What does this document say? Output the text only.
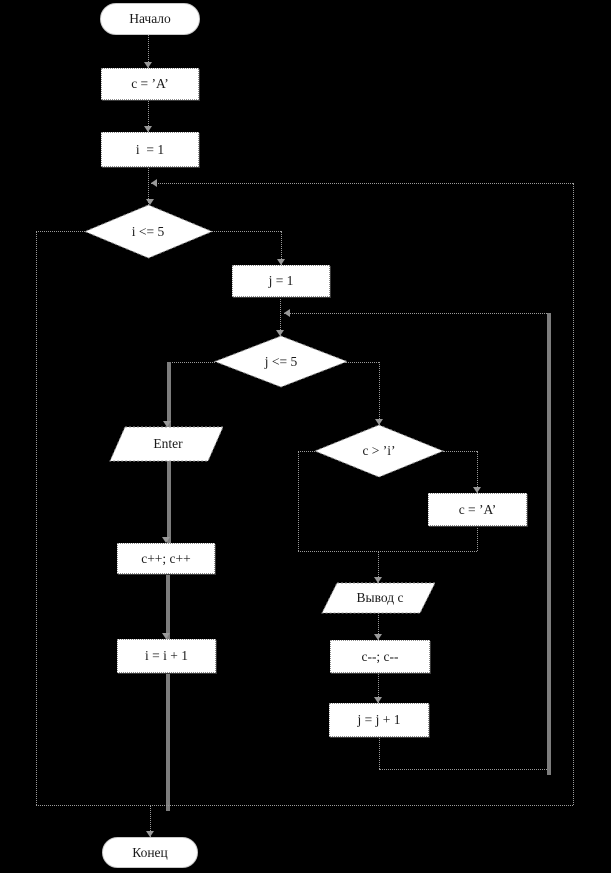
Начало
c = ’A’
i  = 1
i <= 5
j = 1
j <= 5
Enter	c > ’i’
c = ’A’
c++; c++
Вывод c
i = i + 1	c--; c--
j = j + 1
Конец
